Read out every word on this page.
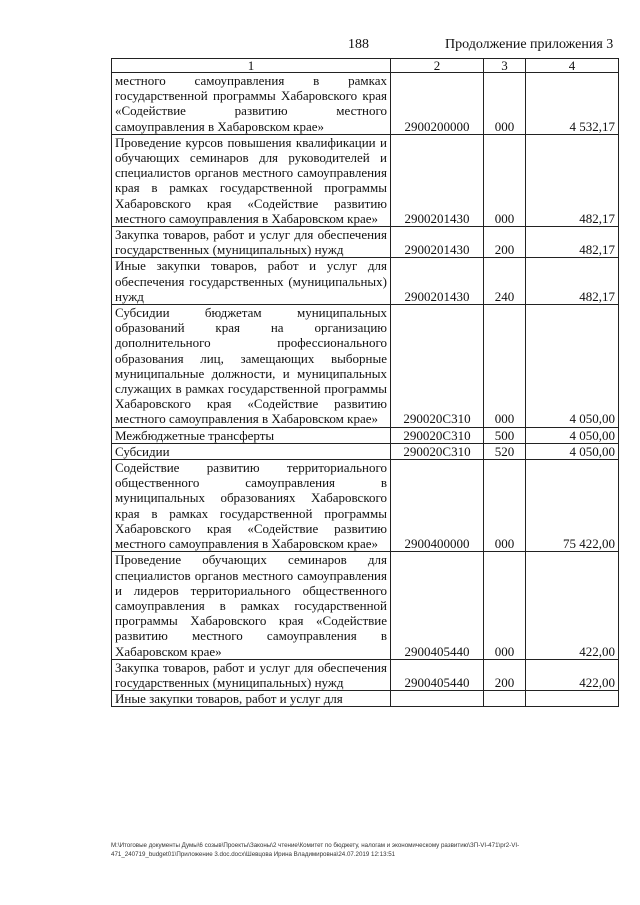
188	Продолжение приложения 3
1	2	3	4
местного самоуправления в рамках государственной программы Хабаровского края «Содействие развитию местного самоуправления в Хабаровском крае»	2900200000	000	4 532,17
Проведение курсов повышения квалификации и обучающих семинаров для руководителей и специалистов органов местного самоуправления края в рамках государственной программы Хабаровского края «Содействие развитию местного самоуправления в Хабаровском крае»	2900201430	000	482,17
Закупка товаров, работ и услуг для обеспечения государственных (муниципальных) нужд	2900201430	200	482,17
Иные закупки товаров, работ и услуг для обеспечения государственных (муниципальных) нужд	2900201430	240	482,17
Субсидии бюджетам муниципальных образований края на организацию дополнительного профессионального образования лиц, замещающих выборные муниципальные должности, и муниципальных служащих в рамках государственной программы Хабаровского края «Содействие развитию местного самоуправления в Хабаровском крае»	290020С310	000	4 050,00
Межбюджетные трансферты	290020С310	500	4 050,00
Субсидии	290020С310	520	4 050,00
Содействие развитию территориального общественного самоуправления в муниципальных образованиях Хабаровского края в рамках государственной программы Хабаровского края «Содействие развитию местного самоуправления в Хабаровском крае»	2900400000	000	75 422,00
Проведение обучающих семинаров для специалистов органов местного самоуправления и лидеров территориального общественного самоуправления в рамках государственной программы Хабаровского края «Содействие развитию местного самоуправления в Хабаровском крае»	2900405440	000	422,00
Закупка товаров, работ и услуг для обеспечения государственных (муниципальных) нужд	2900405440	200	422,00
Иные закупки товаров, работ и услуг для			
M:\Итоговые документы Думы\6 созыв\Проекты\Законы\2 чтение\Комитет по бюджету, налогам и экономическому развитию\ЗП-VI-471\pr2-VI-471_240719_budget01\Приложение 3.doc.docx\Шевцова Ирина Владимировна\24.07.2019 12:13:51
